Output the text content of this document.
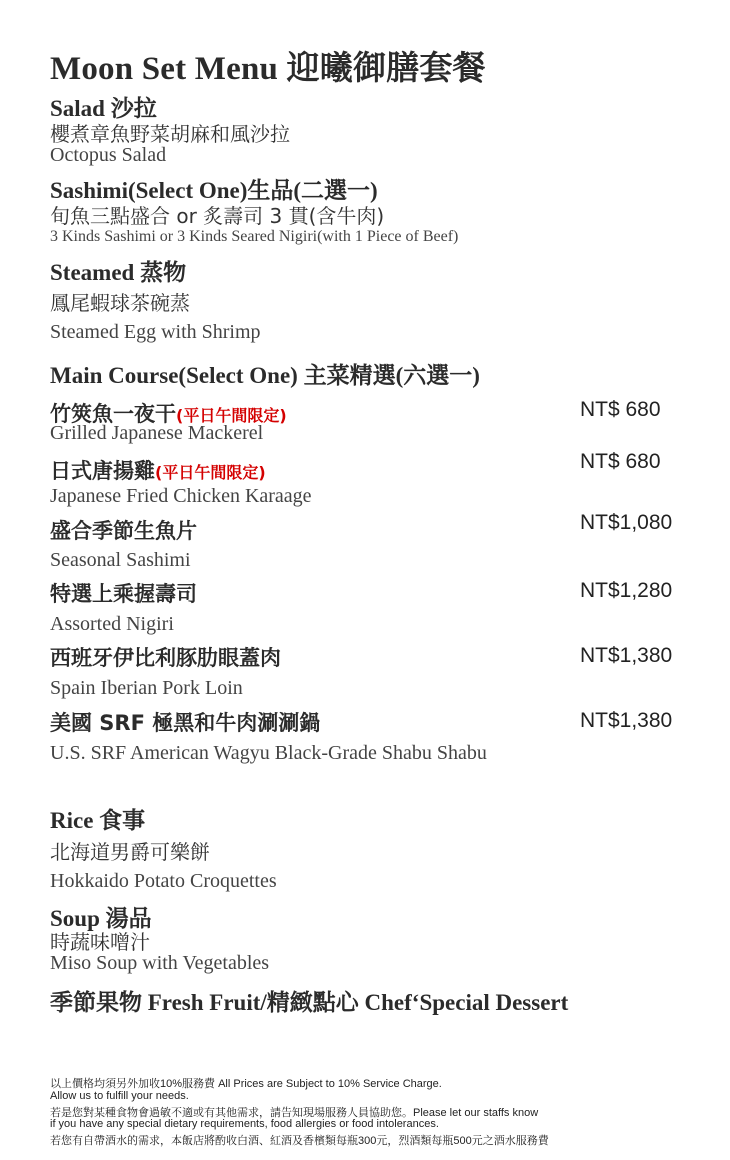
Moon Set Menu 迎曦御膳套餐
Salad 沙拉
櫻煮章魚野菜胡麻和風沙拉
Octopus Salad
Sashimi(Select One)生品(二選一)
旬魚三點盛合 or 炙壽司 3 貫(含牛肉)
3 Kinds Sashimi or 3 Kinds Seared Nigiri(with 1 Piece of Beef)
Steamed 蒸物
鳳尾蝦球茶碗蒸
Steamed Egg with Shrimp
Main Course(Select One) 主菜精選(六選一)
竹筴魚一夜干(平日午間限定)	NT$ 680
Grilled Japanese Mackerel
日式唐揚雞(平日午間限定)	NT$ 680
Japanese Fried Chicken Karaage
盛合季節生魚片	NT$1,080
Seasonal Sashimi
特選上乘握壽司	NT$1,280
Assorted Nigiri
西班牙伊比利豚肋眼蓋肉	NT$1,380
Spain Iberian Pork Loin
美國 SRF 極黑和牛肉涮涮鍋	NT$1,380
U.S. SRF American Wagyu Black-Grade Shabu Shabu
Rice 食事
北海道男爵可樂餅
Hokkaido Potato Croquettes
Soup 湯品
時蔬味噌汁
Miso Soup with Vegetables
季節果物 Fresh Fruit/精緻點心 Chef‘Special Dessert
以上價格均須另外加收10%服務費 All Prices are Subject to 10% Service Charge.
Allow us to fulfill your needs.
若是您對某種食物會過敏不適或有其他需求，請告知現場服務人員協助您。Please let our staffs know
if you have any special dietary requirements, food allergies or food intolerances.
若您有自帶酒水的需求，本飯店將酌收白酒、紅酒及香檳類每瓶300元，烈酒類每瓶500元之酒水服務費
